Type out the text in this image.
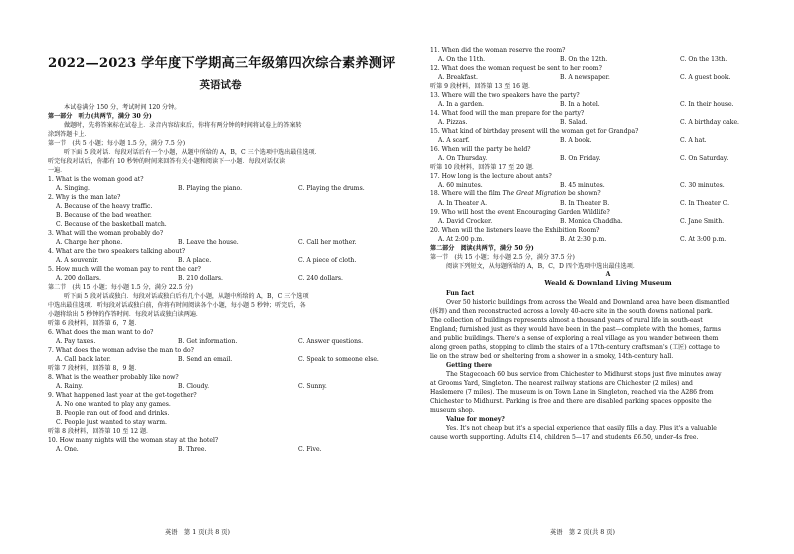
2022—2023 学年度下学期高三年级第四次综合素养测评
英语试卷
本试卷满分 150 分，考试时间 120 分钟。
第一部分　听力(共两节，满分 30 分)
做题时，先将答案标在试卷上．录音内容结束后，你将有两分钟的时间将试卷上的答案转
涂到答题卡上．
第一节　(共 5 小题；每小题 1.5 分，满分 7.5 分)
听下面 5 段对话．每段对话后有一个小题，从题中所给的 A，B，C 三个选项中选出最佳选项．
听完每段对话后，你都有 10 秒钟的时间来回答有关小题和阅读下一小题．每段对话仅读
一遍．
1. What is the woman good at?
2. Why is the man late?
A. Because of the heavy traffic.
B. Because of the bad weather.
C. Because of the basketball match.
3. What will the woman probably do?
4. What are the two speakers talking about?
5. How much will the woman pay to rent the car?
第二节　(共 15 小题；每小题 1.5 分，满分 22.5 分)
听下面 5 段对话或独白．每段对话或独白后有几个小题，从题中所给的 A，B，C 三个选项
中选出最佳选项．听每段对话或独白前，你将有时间阅读各个小题，每小题 5 秒钟；听完后，各
小题将给出 5 秒钟的作答时间．每段对话或独白读两遍．
听第 6 段材料，回答第 6，7 题．
6. What does the man want to do?
7. What does the woman advise the man to do?
听第 7 段材料，回答第 8，9 题．
8. What is the weather probably like now?
9. What happened last year at the get-together?
A. No one wanted to play any games.
B. People ran out of food and drinks.
C. People just wanted to stay warm.
听第 8 段材料，回答第 10 至 12 题．
10. How many nights will the woman stay at the hotel?
A. Singing.	B. Playing the piano.	C. Playing the drums.
A. Charge her phone.	B. Leave the house.	C. Call her mother.
A. A souvenir.	B. A place.	C. A piece of cloth.
A. 200 dollars.	B. 210 dollars.	C. 240 dollars.
A. Pay taxes.	B. Get information.	C. Answer questions.
A. Call back later.	B. Send an email.	C. Speak to someone else.
A. Rainy.	B. Cloudy.	C. Sunny.
A. One.	B. Three.	C. Five.
18. Where will the film The Great Migration be shown?
A
Weald & Downland Living Museum
11. When did the woman reserve the room?
12. What does the woman request be sent to her room?
听第 9 段材料，回答第 13 至 16 题．
13. Where will the two speakers have the party?
14. What food will the man prepare for the party?
15. What kind of birthday present will the woman get for Grandpa?
16. When will the party be held?
听第 10 段材料，回答第 17 至 20 题．
17. How long is the lecture about ants?
19. Who will host the event Encouraging Garden Wildlife?
20. When will the listeners leave the Exhibition Room?
第二部分　阅读(共两节，满分 50 分)
第一节　(共 15 小题；每小题 2.5 分，满分 37.5 分)
阅读下列短文，从每题所给的 A，B，C，D 四个选项中选出最佳选项．
Fun fact
Over 50 historic buildings from across the Weald and Downland area have been dismantled
(拆卸) and then reconstructed across a lovely 40-acre site in the south downs national park.
The collection of buildings represents almost a thousand years of rural life in south-east
England; furnished just as they would have been in the past—complete with the homes, farms
and public buildings. There's a sense of exploring a real village as you wander between them
along green paths, stopping to climb the stairs of a 17th-century craftsman's (工匠) cottage to
lie on the straw bed or sheltering from a shower in a smoky, 14th-century hall.
Getting there
The Stagecoach 60 bus service from Chichester to Midhurst stops just five minutes away
at Grooms Yard, Singleton. The nearest railway stations are Chichester (2 miles) and
Haslemere (7 miles). The museum is on Town Lane in Singleton, reached via the A286 from
Chichester to Midhurst. Parking is free and there are disabled parking spaces opposite the
museum shop.
Value for money?
Yes. It's not cheap but it's a special experience that easily fills a day. Plus it's a valuable
cause worth supporting. Adults £14, children 5—17 and students £6.50, under-4s free.
A. On the 11th.	B. On the 12th.	C. On the 13th.
A. Breakfast.	B. A newspaper.	C. A guest book.
A. In a garden.	B. In a hotel.	C. In their house.
A. Pizzas.	B. Salad.	C. A birthday cake.
A. A scarf.	B. A book.	C. A hat.
A. On Thursday.	B. On Friday.	C. On Saturday.
A. 60 minutes.	B. 45 minutes.	C. 30 minutes.
A. In Theater A.	B. In Theater B.	C. In Theater C.
A. David Crocker.	B. Monica Chaddha.	C. Jane Smith.
A. At 2:00 p.m.	B. At 2:30 p.m.	C. At 3:00 p.m.
英语　第 1 页(共 8 页)	英语　第 2 页(共 8 页)
